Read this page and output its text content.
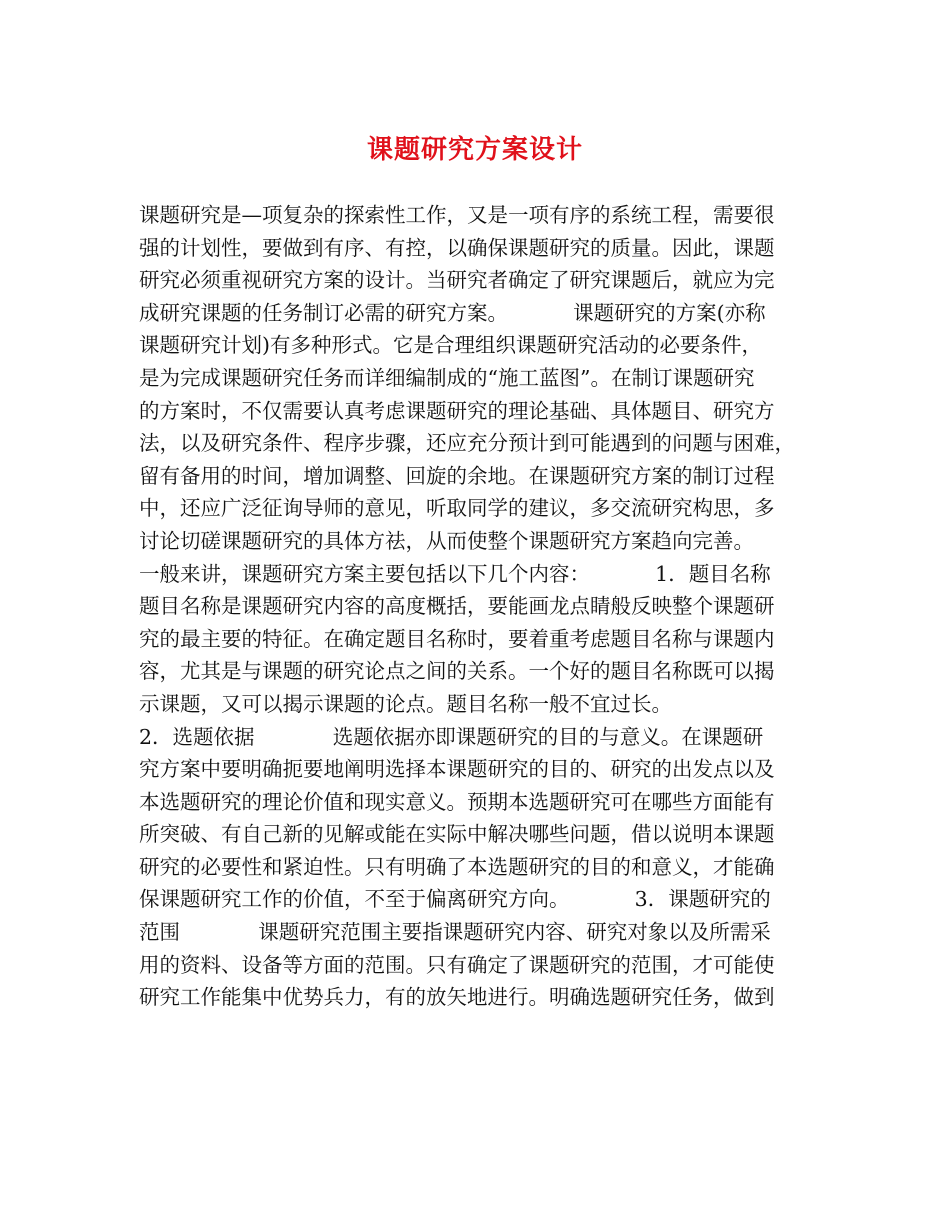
课题研究方案设计
课题研究是—项复杂的探索性工作，又是一项有序的系统工程，需要很
强的计划性，要做到有序、有控，以确保课题研究的质量。因此，课题
研究必须重视研究方案的设计。当研究者确定了研究课题后，就应为完
成研究课题的任务制订必需的研究方案。          课题研究的方案(亦称
课题研究计划)有多种形式。它是合理组织课题研究活动的必要条件，
是为完成课题研究任务而详细编制成的“施工蓝图”。在制订课题研究
的方案时，不仅需要认真考虑课题研究的理论基础、具体题目、研究方
法，以及研究条件、程序步骤，还应充分预计到可能遇到的问题与困难，
留有备用的时间，增加调整、回旋的余地。在课题研究方案的制订过程
中，还应广泛征询导师的意见，听取同学的建议，多交流研究构思，多
讨论切磋课题研究的具体方祛，从而使整个课题研究方案趋向完善。
一般来讲，课题研究方案主要包括以下几个内容：          1．题目名称
题目名称是课题研究内容的高度概括，要能画龙点睛般反映整个课题研
究的最主要的特征。在确定题目名称时，要着重考虑题目名称与课题内
容，尤其是与课题的研究论点之间的关系。一个好的题目名称既可以揭
示课题，又可以揭示课题的论点。题目名称一般不宜过长。
2．选题依据            选题依据亦即课题研究的目的与意义。在课题研
究方案中要明确扼要地阐明选择本课题研究的目的、研究的出发点以及
本选题研究的理论价值和现实意义。预期本选题研究可在哪些方面能有
所突破、有自己新的见解或能在实际中解决哪些问题，借以说明本课题
研究的必要性和紧迫性。只有明确了本选题研究的目的和意义，才能确
保课题研究工作的价值，不至于偏离研究方向。          3．课题研究的
范围            课题研究范围主要指课题研究内容、研究对象以及所需采
用的资料、设备等方面的范围。只有确定了课题研究的范围，才可能使
研究工作能集中优势兵力，有的放矢地进行。明确选题研究任务，做到
